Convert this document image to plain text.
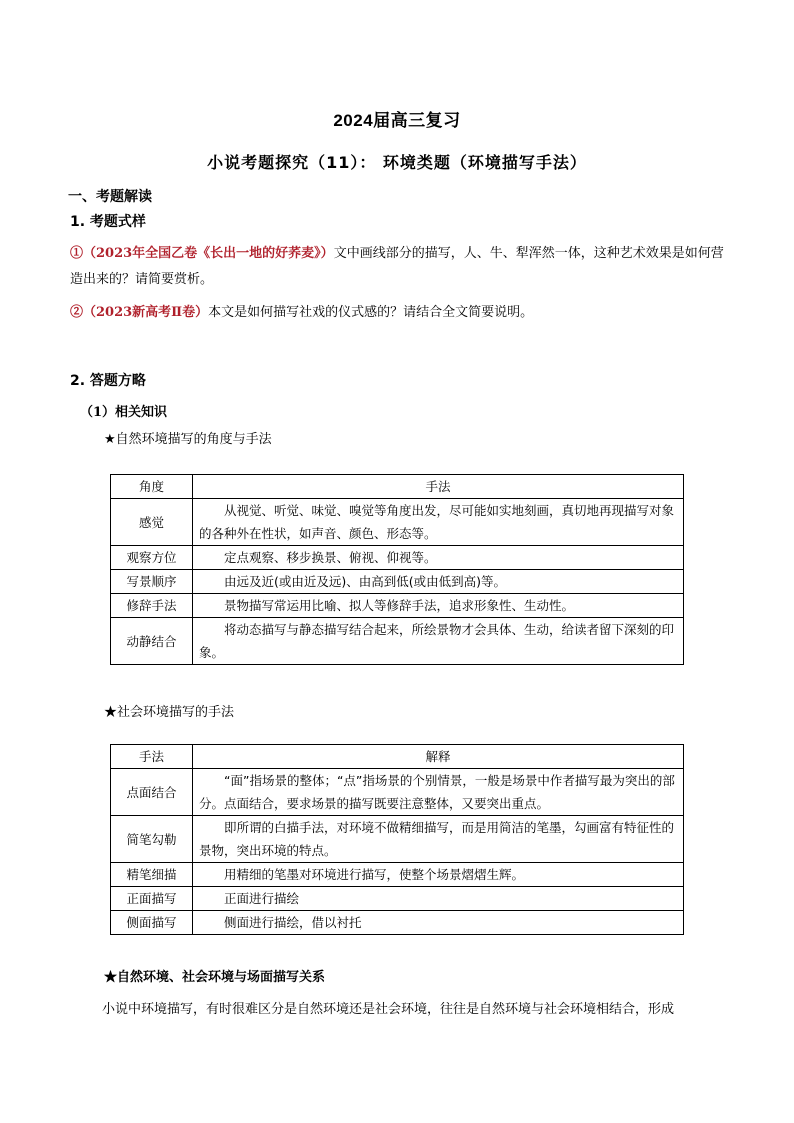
2024届高三复习
小说考题探究（11）： 环境类题（环境描写手法）
一、考题解读
1. 考题式样
①（2023年全国乙卷《长出一地的好荞麦》）文中画线部分的描写，人、牛、犁浑然一体，这种艺术效果是如何营造出来的？请简要赏析。
②（2023新高考Ⅱ卷）本文是如何描写社戏的仪式感的？请结合全文简要说明。
2. 答题方略
（1）相关知识
★自然环境描写的角度与手法
角度	手法
感觉	从视觉、听觉、味觉、嗅觉等角度出发，尽可能如实地刻画，真切地再现描写对象的各种外在性状，如声音、颜色、形态等。
观察方位	定点观察、移步换景、俯视、仰视等。
写景顺序	由远及近(或由近及远)、由高到低(或由低到高)等。
修辞手法	景物描写常运用比喻、拟人等修辞手法，追求形象性、生动性。
动静结合	将动态描写与静态描写结合起来，所绘景物才会具体、生动，给读者留下深刻的印象。
★社会环境描写的手法
手法	解释
点面结合	“面”指场景的整体；“点”指场景的个别情景，一般是场景中作者描写最为突出的部分。点面结合，要求场景的描写既要注意整体，又要突出重点。
简笔勾勒	即所谓的白描手法，对环境不做精细描写，而是用简洁的笔墨，勾画富有特征性的景物，突出环境的特点。
精笔细描	用精细的笔墨对环境进行描写，使整个场景熠熠生辉。
正面描写	正面进行描绘
侧面描写	侧面进行描绘，借以衬托
★自然环境、社会环境与场面描写关系
小说中环境描写，有时很难区分是自然环境还是社会环境，往往是自然环境与社会环境相结合，形成
